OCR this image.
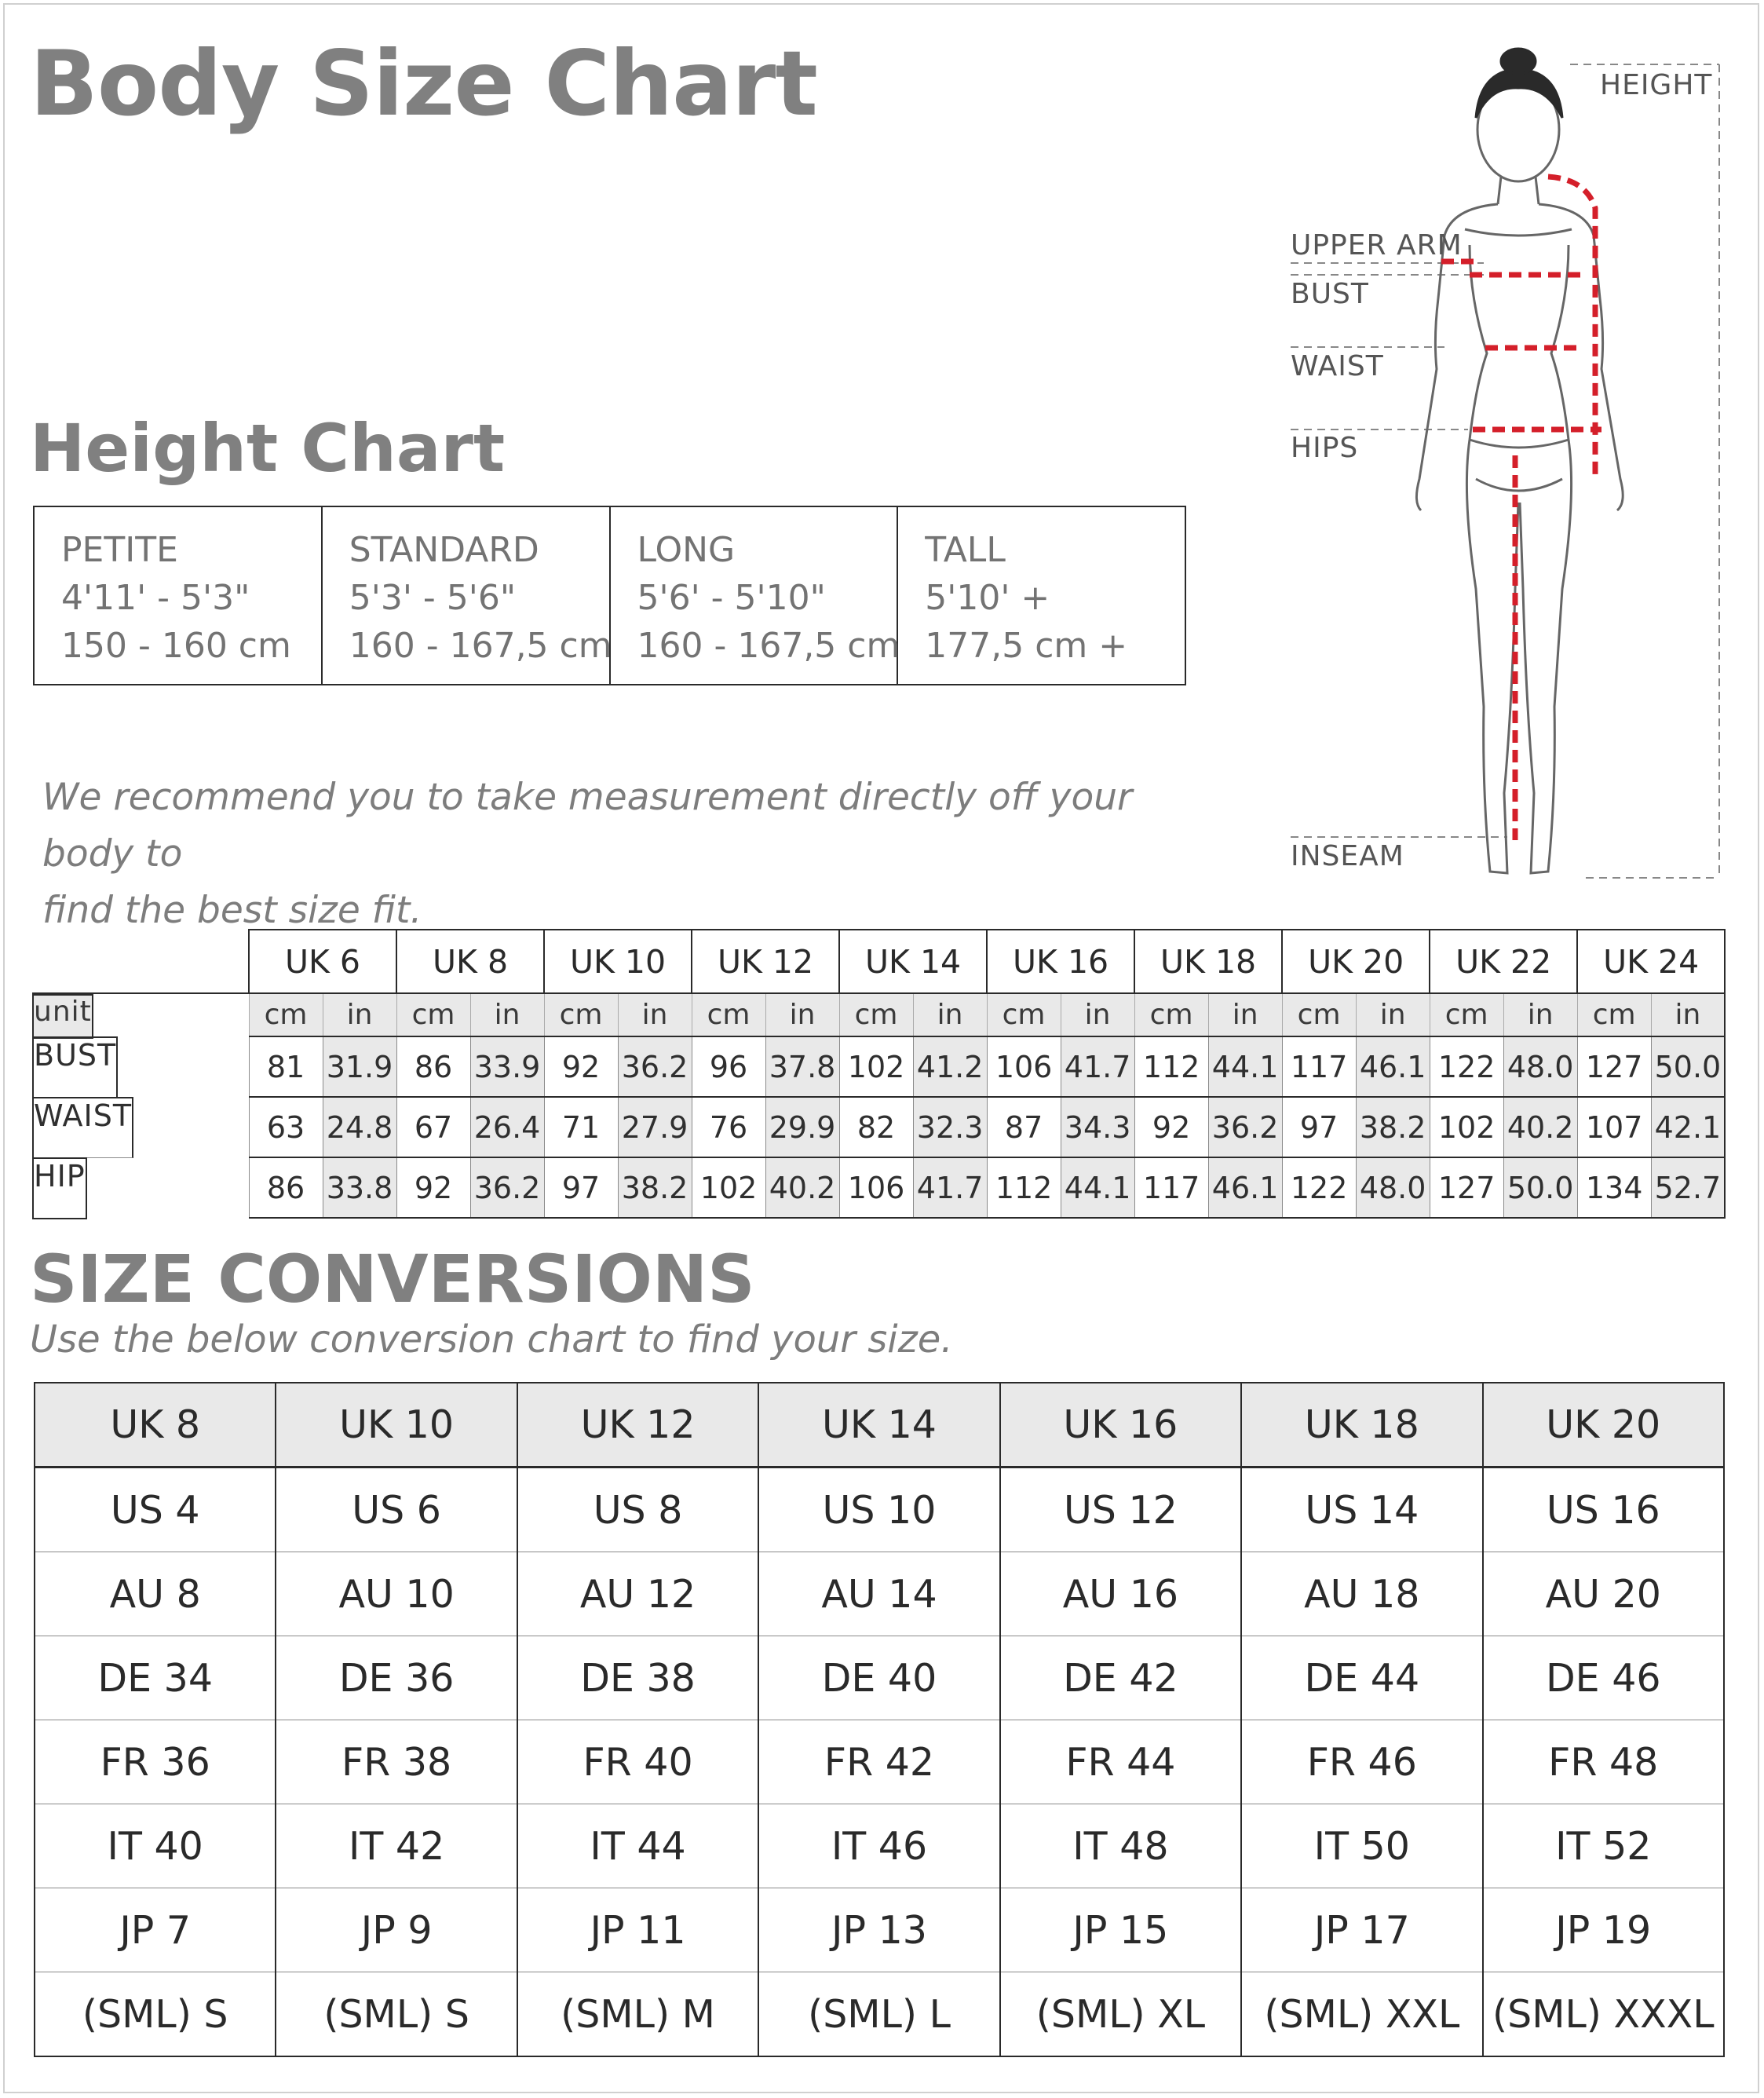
Body Size Chart
Height Chart
PETITE
4'11' - 5'3"
150 - 160 cm

STANDARD
5'3' - 5'6"
160 - 167,5 cm

LONG
5'6' - 5'10"
160 - 167,5 cm

TALL
5'10' +
177,5 cm +

We recommend you to take measurement directly off your body to
find the best size fit.

HEIGHT
UPPER ARM
BUST
WAIST
HIPS
INSEAM
	UK 6		UK 8		UK 10		UK 12		UK 14		UK 16		UK 18		UK 20		UK 22		UK 24	

unit	cm	in	cm	in	cm	in	cm	in	cm	in	cm	in	cm	in	cm	in	cm	in	cm	in

BUST	81	31.9	86	33.9	92	36.2	96	37.8	102	41.2	106	41.7	112	44.1	117	46.1	122	48.0	127	50.0

WAIST	63	24.8	67	26.4	71	27.9	76	29.9	82	32.3	87	34.3	92	36.2	97	38.2	102	40.2	107	42.1

HIP	86	33.8	92	36.2	97	38.2	102	40.2	106	41.7	112	44.1	117	46.1	122	48.0	127	50.0	134	52.7
SIZE CONVERSIONS

Use the below conversion chart to find your size.

UK 8	UK 10	UK 12	UK 14	UK 16	UK 18	UK 20
US 4	US 6	US 8	US 10	US 12	US 14	US 16
AU 8	AU 10	AU 12	AU 14	AU 16	AU 18	AU 20
DE 34	DE 36	DE 38	DE 40	DE 42	DE 44	DE 46
FR 36	FR 38	FR 40	FR 42	FR 44	FR 46	FR 48
IT 40	IT 42	IT 44	IT 46	IT 48	IT 50	IT 52
JP 7	JP 9	JP 11	JP 13	JP 15	JP 17	JP 19
(SML) S	(SML) S	(SML) M	(SML) L	(SML) XL	(SML) XXL	(SML) XXXL
